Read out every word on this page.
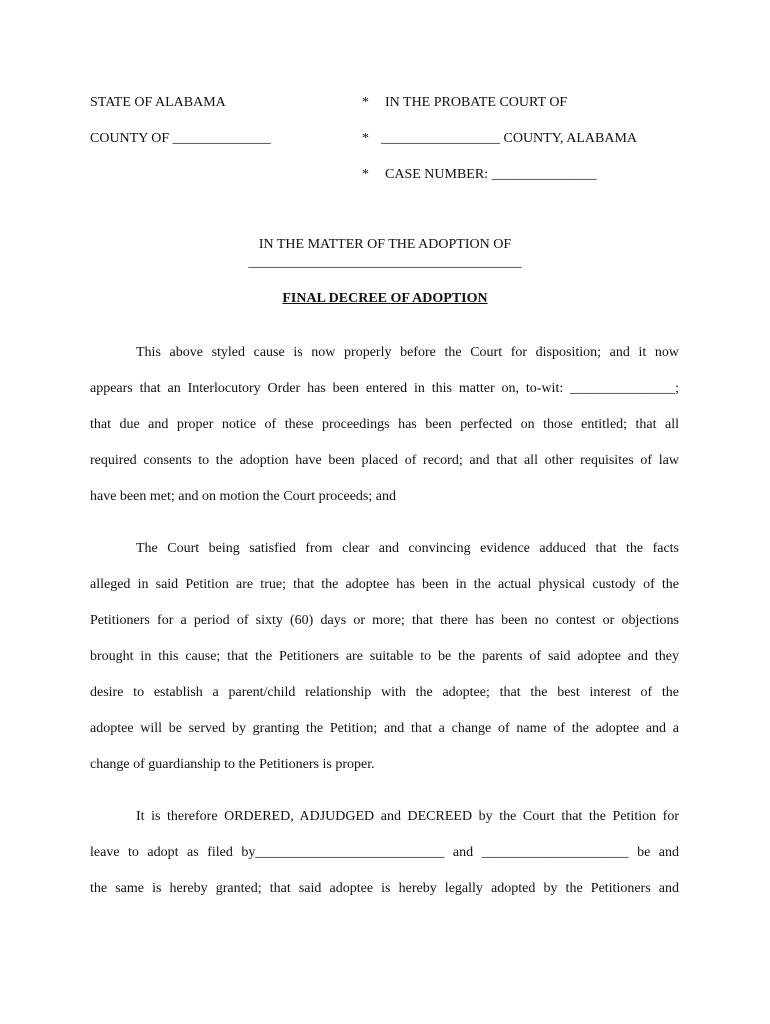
STATE OF ALABAMA	* IN THE PROBATE COURT OF
COUNTY OF ______________	* _________________ COUNTY, ALABAMA
* CASE NUMBER: _______________
IN THE MATTER OF THE ADOPTION OF
_______________________________________
FINAL DECREE OF ADOPTION
This above styled cause is now properly before the Court for disposition; and it now
appears that an Interlocutory Order has been entered in this matter on, to-wit: _______________;
that due and proper notice of these proceedings has been perfected on those entitled; that all
required consents to the adoption have been placed of record; and that all other requisites of law
have been met; and on motion the Court proceeds; and
The Court being satisfied from clear and convincing evidence adduced that the facts
alleged in said Petition are true; that the adoptee has been in the actual physical custody of the
Petitioners for a period of sixty (60) days or more; that there has been no contest or objections
brought in this cause; that the Petitioners are suitable to be the parents of said adoptee and they
desire to establish a parent/child relationship with the adoptee; that the best interest of the
adoptee will be served by granting the Petition; and that a change of name of the adoptee and a
change of guardianship to the Petitioners is proper.
It is therefore ORDERED, ADJUDGED and DECREED by the Court that the Petition for
leave to adopt as filed by___________________________ and _____________________ be and
the same is hereby granted; that said adoptee is hereby legally adopted by the Petitioners and
